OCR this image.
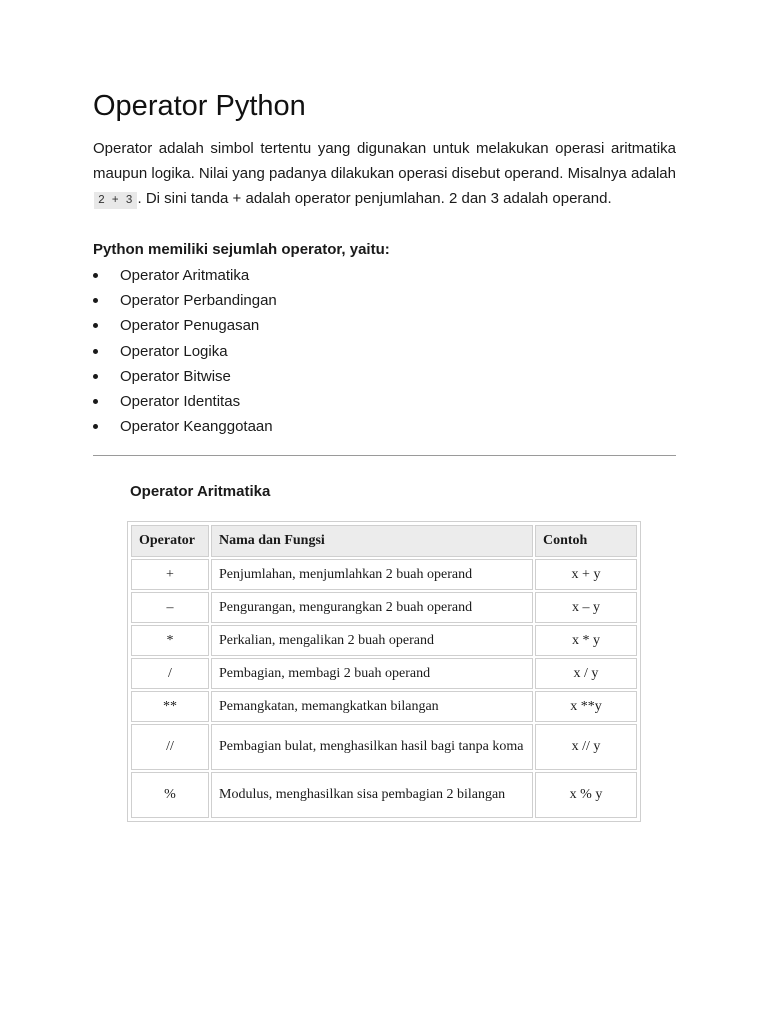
Operator Python

Operator adalah simbol tertentu yang digunakan untuk melakukan operasi aritmatika maupun logika. Nilai yang padanya dilakukan operasi disebut operand. Misalnya adalah 2 + 3 . Di sini tanda + adalah operator penjumlahan. 2 dan 3 adalah operand.

Python memiliki sejumlah operator, yaitu:
Operator Aritmatika
Operator Perbandingan
Operator Penugasan
Operator Logika
Operator Bitwise
Operator Identitas
Operator Keanggotaan
Operator Aritmatika
Operator	Nama dan Fungsi	Contoh
+	Penjumlahan, menjumlahkan 2 buah operand	x + y
–	Pengurangan, mengurangkan 2 buah operand	x – y
*	Perkalian, mengalikan 2 buah operand	x * y
/	Pembagian, membagi 2 buah operand	x / y
**	Pemangkatan, memangkatkan bilangan	x **y
//	Pembagian bulat, menghasilkan hasil bagi tanpa koma	x // y
%	Modulus, menghasilkan sisa pembagian 2 bilangan	x % y
